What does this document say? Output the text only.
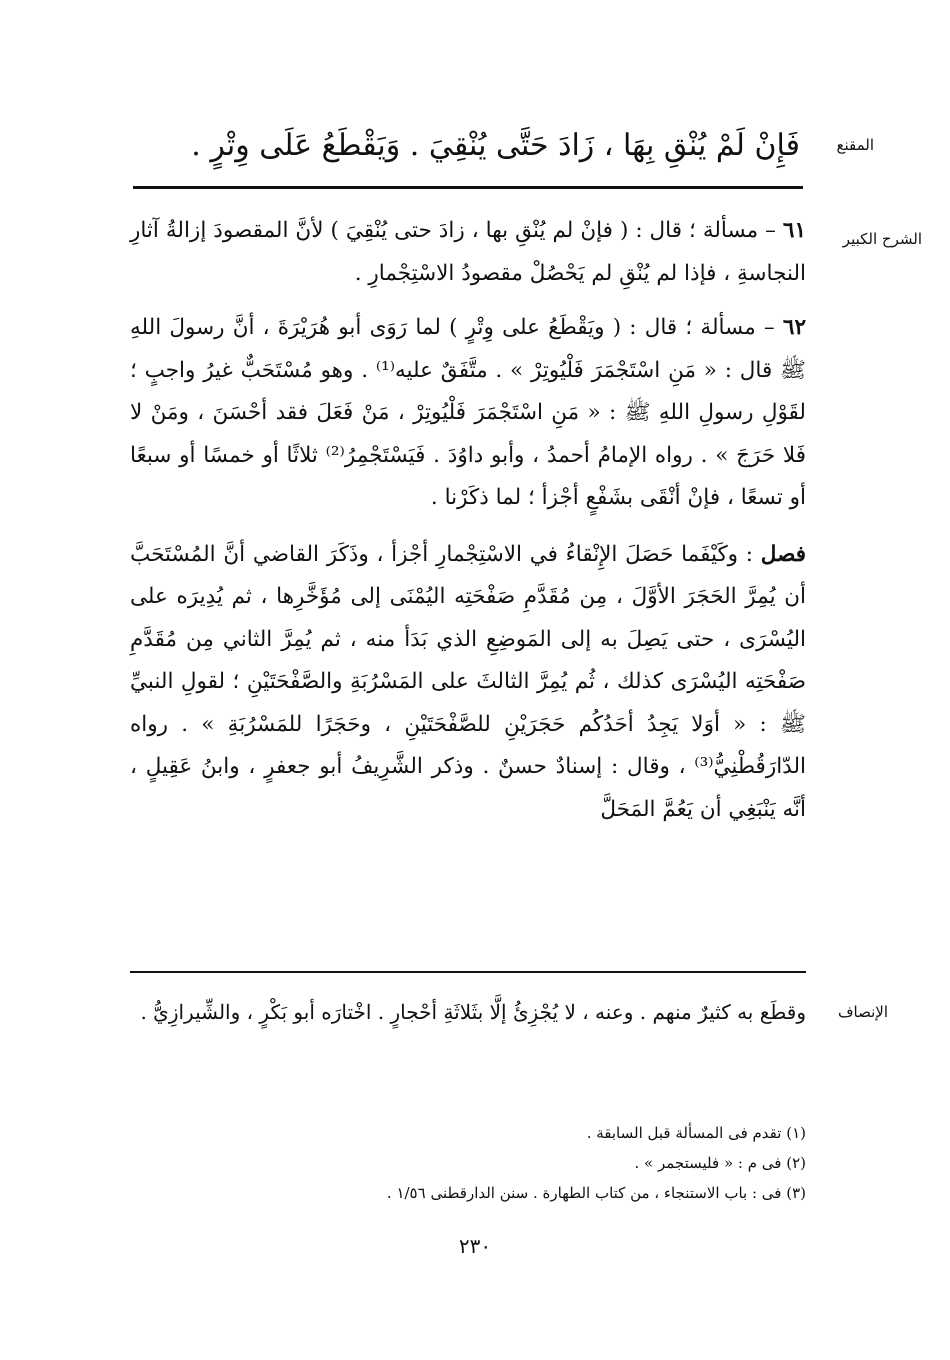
المقنع
فَإِنْ لَمْ يُنْقِ بِهَا ، زَادَ حَتَّى يُنْقِيَ . وَيَقْطَعُ عَلَى وِتْرٍ .
الشرح الكبير

٦١ – مسألة ؛ قال : ( فإنْ لم يُنْقِ بها ، زادَ حتى يُنْقِيَ ) لأنَّ المقصودَ إزالةُ آثارِ النجاسةِ ، فإذا لم يُنْقِ لم يَحْصُلْ مقصودُ الاسْتِجْمارِ .

٦٢ – مسألة ؛ قال : ( ويَقْطَعُ على وِتْرٍ ) لما رَوَى أبو هُرَيْرَةَ ، أنَّ رسولَ اللهِ ﷺ قال : « مَنِ اسْتَجْمَرَ فَلْيُوتِرْ » . متَّفَقٌ عليه⁽¹⁾ . وهو مُسْتَحَبٌّ غيرُ واجبٍ ؛ لقَوْلِ رسولِ اللهِ ﷺ : « مَنِ اسْتَجْمَرَ فَلْيُوتِرْ ، مَنْ فَعَلَ فقد أحْسَنَ ، ومَنْ لا فَلا حَرَجَ » . رواه الإمامُ أحمدُ ، وأبو داوُدَ . فَيَسْتَجْمِرُ⁽²⁾ ثلاثًا أو خمسًا أو سبعًا أو تسعًا ، فإنْ أنْقَى بشَفْعٍ أجْزأ ؛ لما ذكَرْنا .

فصل : وكَيْفَما حَصَلَ الإِنْقاءُ في الاسْتِجْمارِ أجْزأ ، وذَكَرَ القاضي أنَّ المُسْتَحَبَّ أن يُمِرَّ الحَجَرَ الأوَّلَ ، مِن مُقَدَّمِ صَفْحَتِه اليُمْنَى إلى مُؤَخَّرِها ، ثم يُدِيرَه على اليُسْرَى ، حتى يَصِلَ به إلى المَوضِعِ الذي بَدَأ منه ، ثم يُمِرَّ الثاني مِن مُقَدَّمِ صَفْحَتِه اليُسْرَى كذلك ، ثُم يُمِرَّ الثالثَ على المَسْرُبَةِ والصَّفْحَتَيْنِ ؛ لقولِ النبيِّ ﷺ : « أوَلا يَجِدُ أحَدُكُم حَجَرَيْنِ للصَّفْحَتَيْنِ ، وحَجَرًا للمَسْرُبَةِ » . رواه الدّارَقُطْنِيُّ⁽³⁾ ، وقال : إسنادٌ حسنٌ . وذكر الشَّرِيفُ أبو جعفرٍ ، وابنُ عَقِيلٍ ، أنَّه يَنْبَغِي أن يَعُمَّ المَحَلَّ

الإنصاف

وقطَع به كثيرٌ منهم . وعنه ، لا يُجْزِئُ إلَّا بثَلاثَةِ أحْجارٍ . اخْتارَه أبو بَكْرٍ ، والشِّيرازِيُّ .

(١) تقدم فى المسألة قبل السابقة .
(٢) فى م : « فليستجمر » .
(٣) فى : باب الاستنجاء ، من كتاب الطهارة . سنن الدارقطنى ١/٥٦ .
٢٣٠
